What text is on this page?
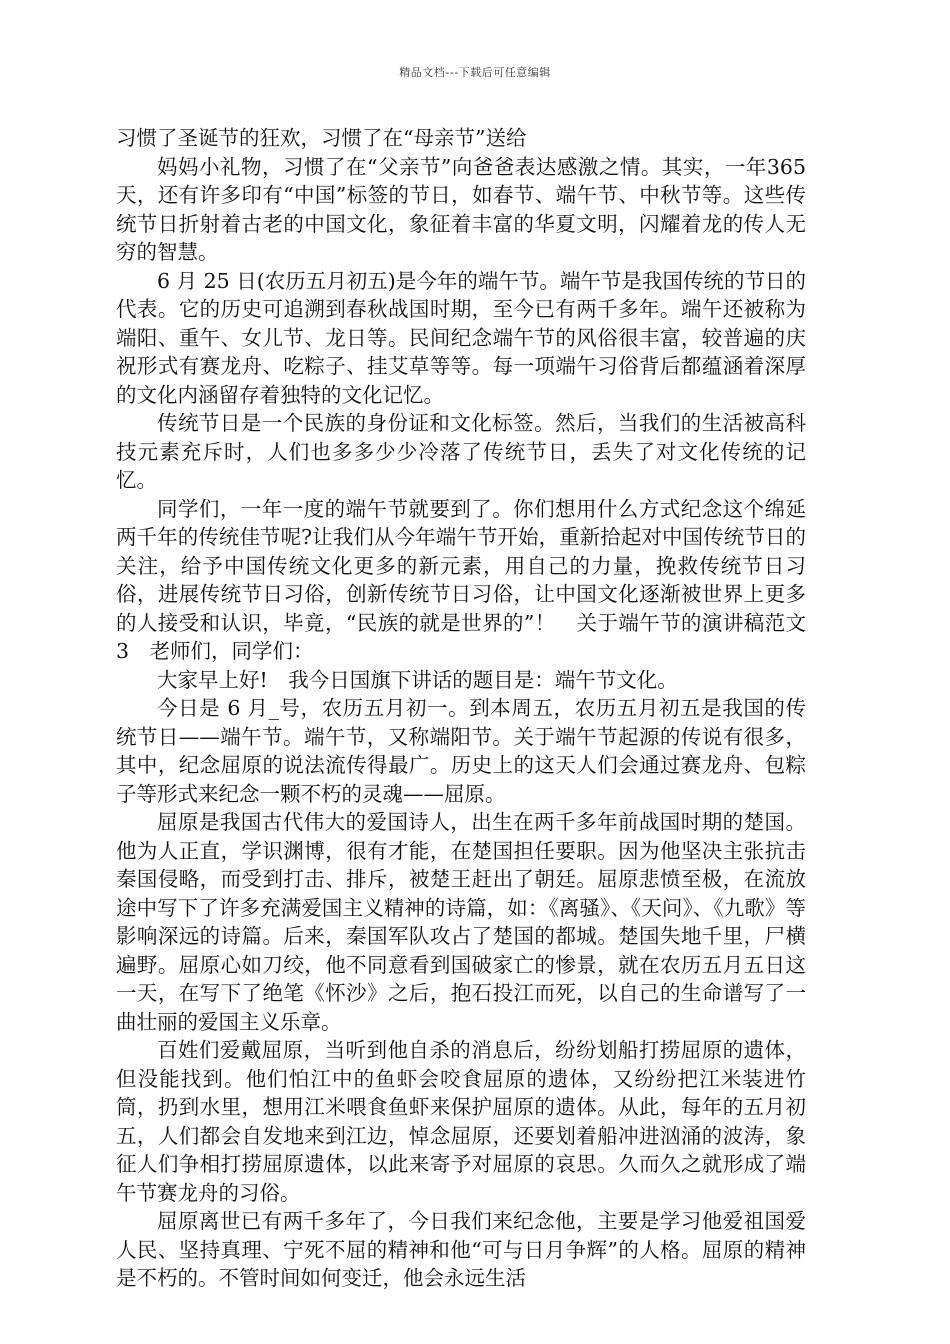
精品文档---下载后可任意编辑

习惯了圣诞节的狂欢，习惯了在“母亲节”送给

妈妈小礼物，习惯了在“父亲节”向爸爸表达感激之情。其实，一年365 天，还有许多印有“中国”标签的节日，如春节、端午节、中秋节等。这些传统节日折射着古老的中国文化，象征着丰富的华夏文明，闪耀着龙的传人无穷的智慧。

6 月 25 日(农历五月初五)是今年的端午节。端午节是我国传统的节日的代表。它的历史可追溯到春秋战国时期，至今已有两千多年。端午还被称为端阳、重午、女儿节、龙日等。民间纪念端午节的风俗很丰富，较普遍的庆祝形式有赛龙舟、吃粽子、挂艾草等等。每一项端午习俗背后都蕴涵着深厚的文化内涵留存着独特的文化记忆。

传统节日是一个民族的身份证和文化标签。然后，当我们的生活被高科技元素充斥时，人们也多多少少冷落了传统节日，丢失了对文化传统的记忆。

同学们，一年一度的端午节就要到了。你们想用什么方式纪念这个绵延两千年的传统佳节呢?让我们从今年端午节开始，重新拾起对中国传统节日的关注，给予中国传统文化更多的新元素，用自己的力量，挽救传统节日习俗，进展传统节日习俗，创新传统节日习俗，让中国文化逐渐被世界上更多的人接受和认识，毕竟，“民族的就是世界的”！　关于端午节的演讲稿范文 3　老师们，同学们：

大家早上好!　我今日国旗下讲话的题目是：端午节文化。

今日是 6 月_号，农历五月初一。到本周五，农历五月初五是我国的传统节日——端午节。端午节，又称端阳节。关于端午节起源的传说有很多，其中，纪念屈原的说法流传得最广。历史上的这天人们会通过赛龙舟、包粽子等形式来纪念一颗不朽的灵魂——屈原。

屈原是我国古代伟大的爱国诗人，出生在两千多年前战国时期的楚国。他为人正直，学识渊博，很有才能，在楚国担任要职。因为他坚决主张抗击秦国侵略，而受到打击、排斥，被楚王赶出了朝廷。屈原悲愤至极，在流放途中写下了许多充满爱国主义精神的诗篇，如：《离骚》、《天问》、《九歌》等影响深远的诗篇。后来，秦国军队攻占了楚国的都城。楚国失地千里，尸横遍野。屈原心如刀绞，他不同意看到国破家亡的惨景，就在农历五月五日这一天，在写下了绝笔《怀沙》之后，抱石投江而死，以自己的生命谱写了一曲壮丽的爱国主义乐章。

百姓们爱戴屈原，当听到他自杀的消息后，纷纷划船打捞屈原的遗体，但没能找到。他们怕江中的鱼虾会咬食屈原的遗体，又纷纷把江米装进竹筒，扔到水里，想用江米喂食鱼虾来保护屈原的遗体。从此，每年的五月初五，人们都会自发地来到江边，悼念屈原，还要划着船冲进汹涌的波涛，象征人们争相打捞屈原遗体，以此来寄予对屈原的哀思。久而久之就形成了端午节赛龙舟的习俗。

屈原离世已有两千多年了，今日我们来纪念他，主要是学习他爱祖国爱人民、坚持真理、宁死不屈的精神和他“可与日月争辉”的人格。屈原的精神是不朽的。不管时间如何变迁，他会永远生活
